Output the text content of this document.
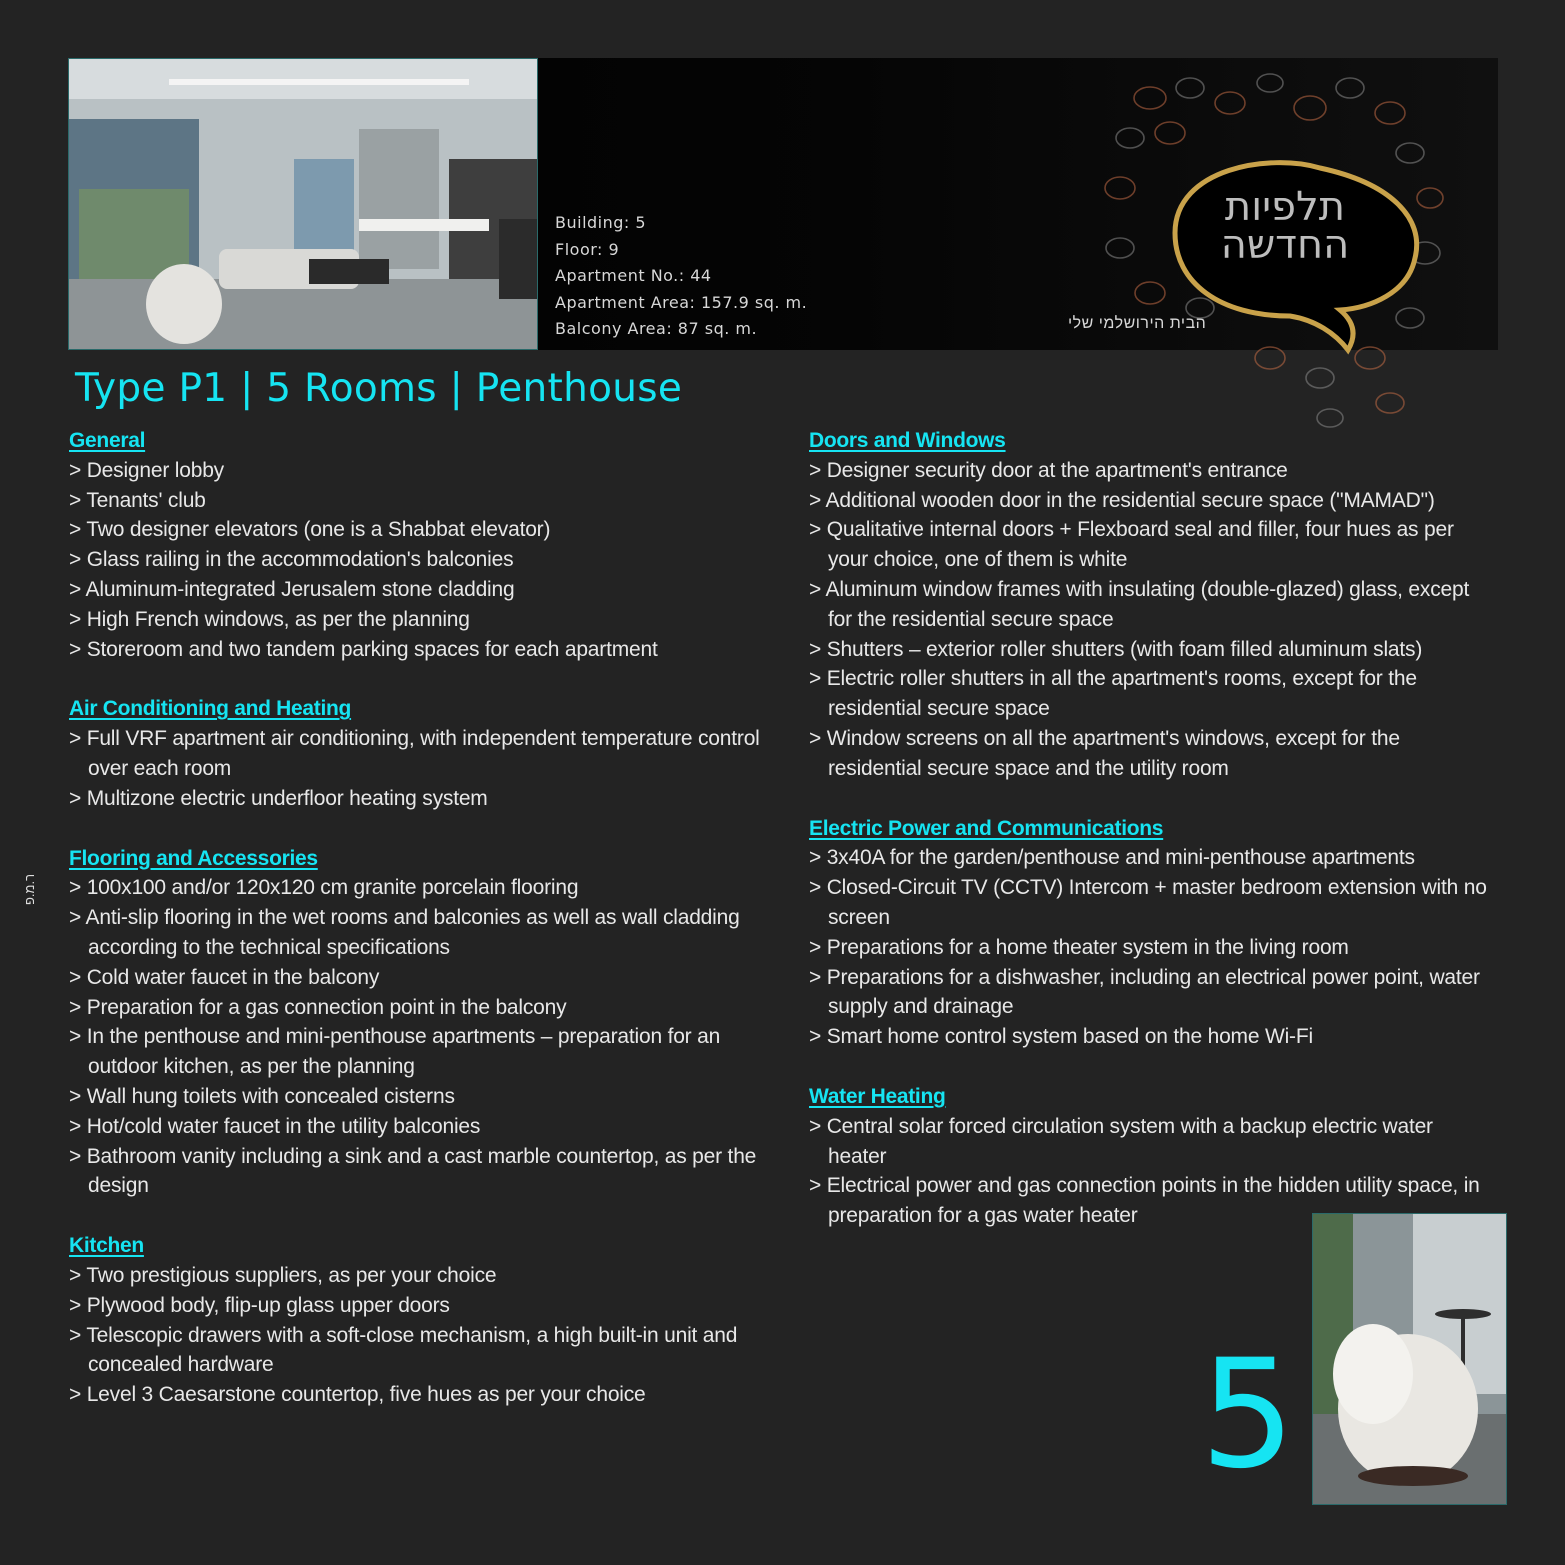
Building: 5
Floor: 9
Apartment No.: 44
Apartment Area: 157.9 sq. m.
Balcony Area: 87 sq. m.
תלפיות
החדשה
הבית הירושלמי שלי
Type P1 | 5 Rooms | Penthouse
General
> Designer lobby
> Tenants' club
> Two designer elevators (one is a Shabbat elevator)
> Glass railing in the accommodation's balconies
> Aluminum-integrated Jerusalem stone cladding
> High French windows, as per the planning
> Storeroom and two tandem parking spaces for each apartment
Air Conditioning and Heating
> Full VRF apartment air conditioning, with independent temperature control over each room
> Multizone electric underfloor heating system
Flooring and Accessories
> 100x100 and/or 120x120 cm granite porcelain flooring
> Anti-slip flooring in the wet rooms and balconies as well as wall cladding according to the technical specifications
> Cold water faucet in the balcony
> Preparation for a gas connection point in the balcony
> In the penthouse and mini-penthouse apartments – preparation for an outdoor kitchen, as per the planning
> Wall hung toilets with concealed cisterns
> Hot/cold water faucet in the utility balconies
> Bathroom vanity including a sink and a cast marble countertop, as per the design
Kitchen
> Two prestigious suppliers, as per your choice
> Plywood body, flip-up glass upper doors
> Telescopic drawers with a soft-close mechanism, a high built-in unit and concealed hardware
> Level 3 Caesarstone countertop, five hues as per your choice
Doors and Windows
> Designer security door at the apartment's entrance
> Additional wooden door in the residential secure space ("MAMAD")
> Qualitative internal doors + Flexboard seal and filler, four hues as per your choice, one of them is white
> Aluminum window frames with insulating (double-glazed) glass, except for the residential secure space
> Shutters – exterior roller shutters (with foam filled aluminum slats)
> Electric roller shutters in all the apartment's rooms, except for the residential secure space
> Window screens on all the apartment's windows, except for the residential secure space and the utility room
Electric Power and Communications
> 3x40A for the garden/penthouse and mini-penthouse apartments
> Closed-Circuit TV (CCTV) Intercom + master bedroom extension with no screen
> Preparations for a home theater system in the living room
> Preparations for a dishwasher, including an electrical power point, water supply and drainage
> Smart home control system based on the home Wi-Fi
Water Heating
> Central solar forced circulation system with a backup electric water heater
> Electrical power and gas connection points in the hidden utility space, in preparation for a gas water heater
ר.מ.פ
5
